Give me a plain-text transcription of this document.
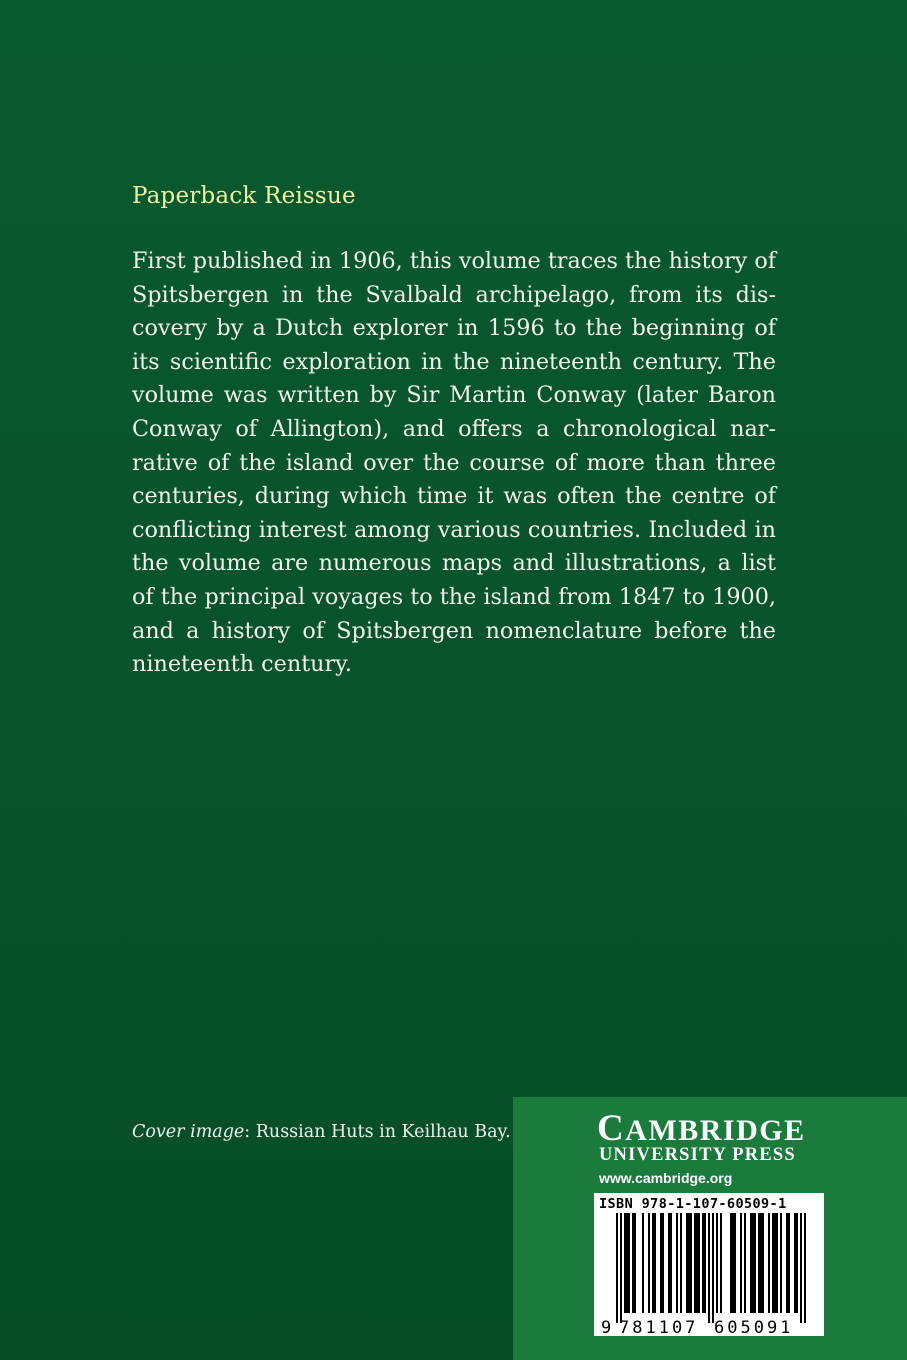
Paperback Reissue

First published in 1906, this volume traces the history of Spitsbergen in the Svalbald archipelago, from its discovery by a Dutch explorer in 1596 to the beginning of its scientific exploration in the nineteenth century. The volume was written by Sir Martin Conway (later Baron Conway of Allington), and offers a chronological narrative of the island over the course of more than three centuries, during which time it was often the centre of conflicting interest among various countries. Included in the volume are numerous maps and illustrations, a list of the principal voyages to the island from 1847 to 1900, and a history of Spitsbergen nomenclature before the nineteenth century.

Cover image: Russian Huts in Keilhau Bay. CAMBRIDGE
UNIVERSITY PRESS
www.cambridge.org
ISBN 978-1-107-60509-1
9 781107 605091
